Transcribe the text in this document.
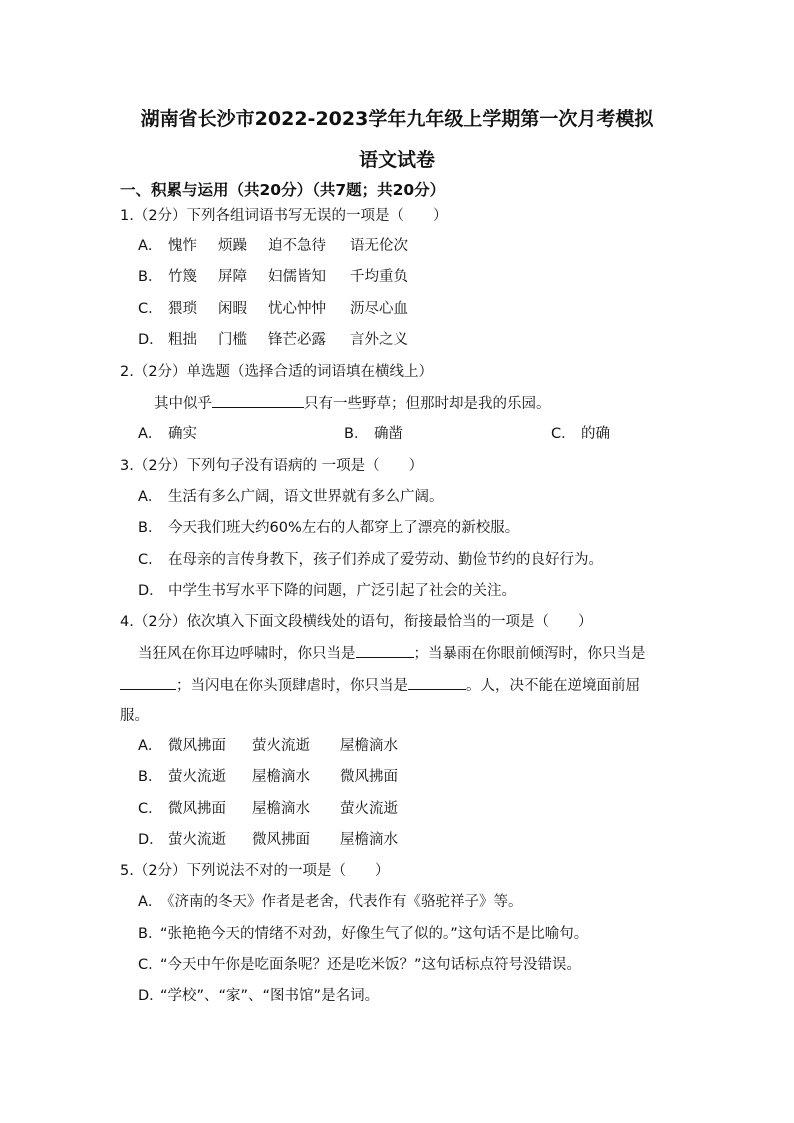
湖南省长沙市2022-2023学年九年级上学期第一次月考模拟
语文试卷
一、积累与运用（共20分）（共7题；共20分）
1.（2分）下列各组词语书写无误的一项是（　　）
A． 愧怍 烦躁 迫不急待 语无伦次
B． 竹篾 屏障 妇儒皆知 千均重负
C． 猥琐 闲暇 忧心忡忡 沥尽心血
D． 粗拙 门槛 锋芒必露 言外之义
2.（2分）单选题（选择合适的词语填在横线上）
其中似乎	只有一些野草；但那时却是我的乐园。
A． 确实	B． 确凿	C． 的确
3.（2分）下列句子没有语病的 一项是（　　）
A． 生活有多么广阔，语文世界就有多么广阔。
B． 今天我们班大约60%左右的人都穿上了漂亮的新校服。
C． 在母亲的言传身教下，孩子们养成了爱劳动、勤俭节约的良好行为。
D． 中学生书写水平下降的问题，广泛引起了社会的关注。
4.（2分）依次填入下面文段横线处的语句，衔接最恰当的一项是（　　）
当狂风在你耳边呼啸时，你只当是	；当暴雨在你眼前倾泻时，你只当是
；当闪电在你头顶肆虐时，你只当是	。人，决不能在逆境面前屈
服。
A． 微风拂面 萤火流逝 屋檐滴水
B． 萤火流逝 屋檐滴水 微风拂面
C． 微风拂面 屋檐滴水 萤火流逝
D． 萤火流逝 微风拂面 屋檐滴水
5.（2分）下列说法不对的一项是（　　）
A．《济南的冬天》作者是老舍，代表作有《骆驼祥子》等。
B．“张艳艳今天的情绪不对劲，好像生气了似的。”这句话不是比喻句。
C．“今天中午你是吃面条呢？还是吃米饭？”这句话标点符号没错误。
D．“学校”、“家”、“图书馆”是名词。
